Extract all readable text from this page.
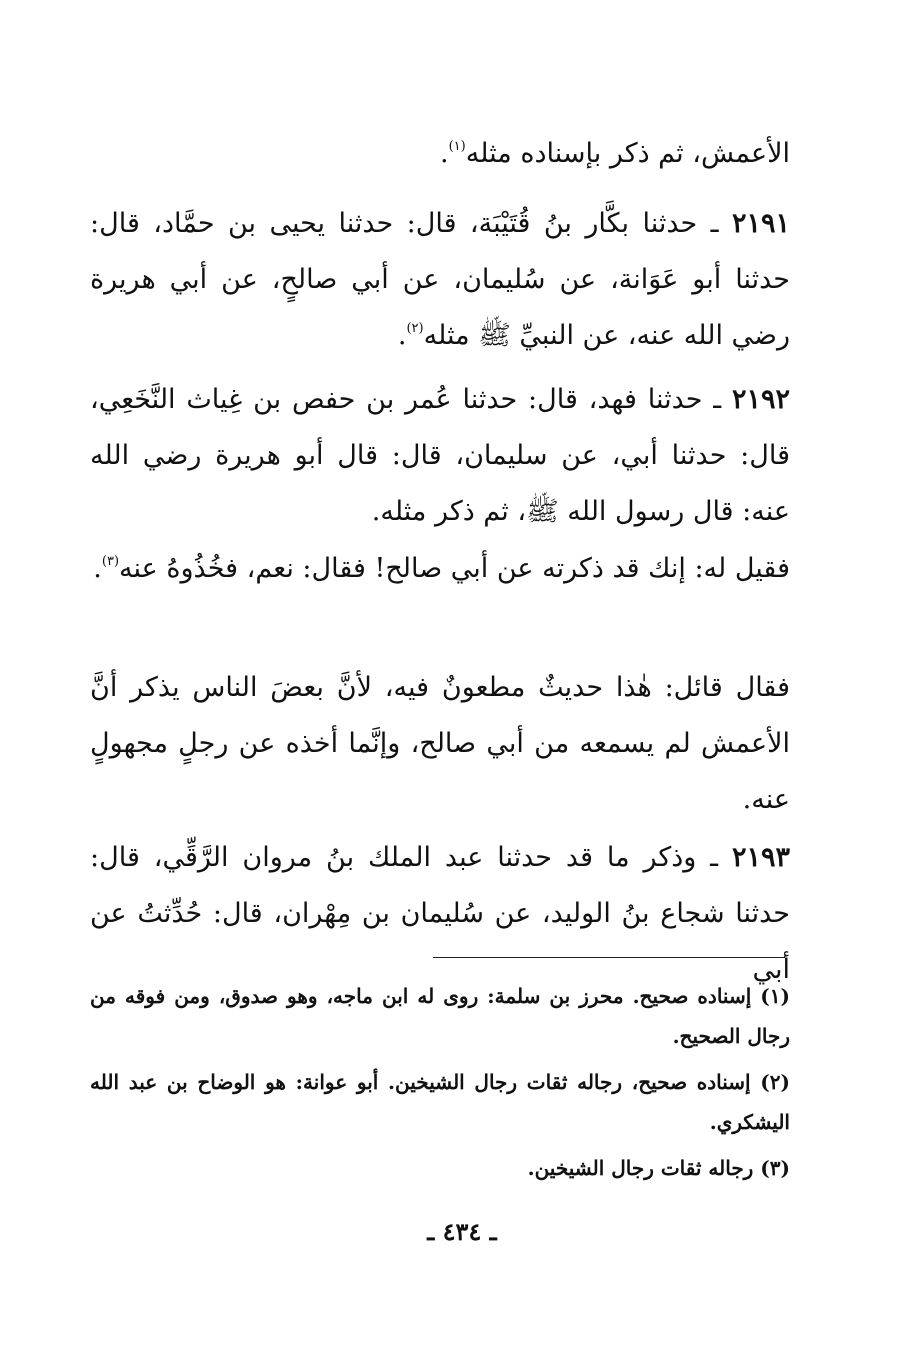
الأعمش، ثم ذكر بإسناده مثله$^{(١)}$.

٢١٩١ ـ حدثنا بكَّار بنُ قُتَيْبَة، قال: حدثنا يحيى بن حمَّاد، قال: حدثنا أبو عَوَانة، عن سُليمان، عن أبي صالحٍ، عن أبي هريرة رضي الله عنه، عن النبيِّ ﷺ مثله$^{(٢)}$.

٢١٩٢ ـ حدثنا فهد، قال: حدثنا عُمر بن حفص بن غِياث النَّخَعِي، قال: حدثنا أبي، عن سليمان، قال: قال أبو هريرة رضي الله عنه: قال رسول الله ﷺ، ثم ذكر مثله.

فقيل له: إنك قد ذكرته عن أبي صالح! فقال: نعم، فخُذُوهُ عنه$^{(٣)}$.

فقال قائل: هٰذا حديثٌ مطعونٌ فيه، لأنَّ بعضَ الناس يذكر أنَّ الأعمش لم يسمعه من أبي صالح، وإنَّما أخذه عن رجلٍ مجهولٍ عنه.

٢١٩٣ ـ وذكر ما قد حدثنا عبد الملك بنُ مروان الرَّقِّي، قال: حدثنا شجاع بنُ الوليد، عن سُليمان بن مِهْران، قال: حُدِّثتُ عن أبي

(١) إسناده صحيح. محرز بن سلمة: روى له ابن ماجه، وهو صدوق، ومن فوقه من رجال الصحيح.

(٢) إسناده صحيح، رجاله ثقات رجال الشيخين. أبو عوانة: هو الوضاح بن عبد الله اليشكري.

(٣) رجاله ثقات رجال الشيخين.

ـ ٤٣٤ ـ
